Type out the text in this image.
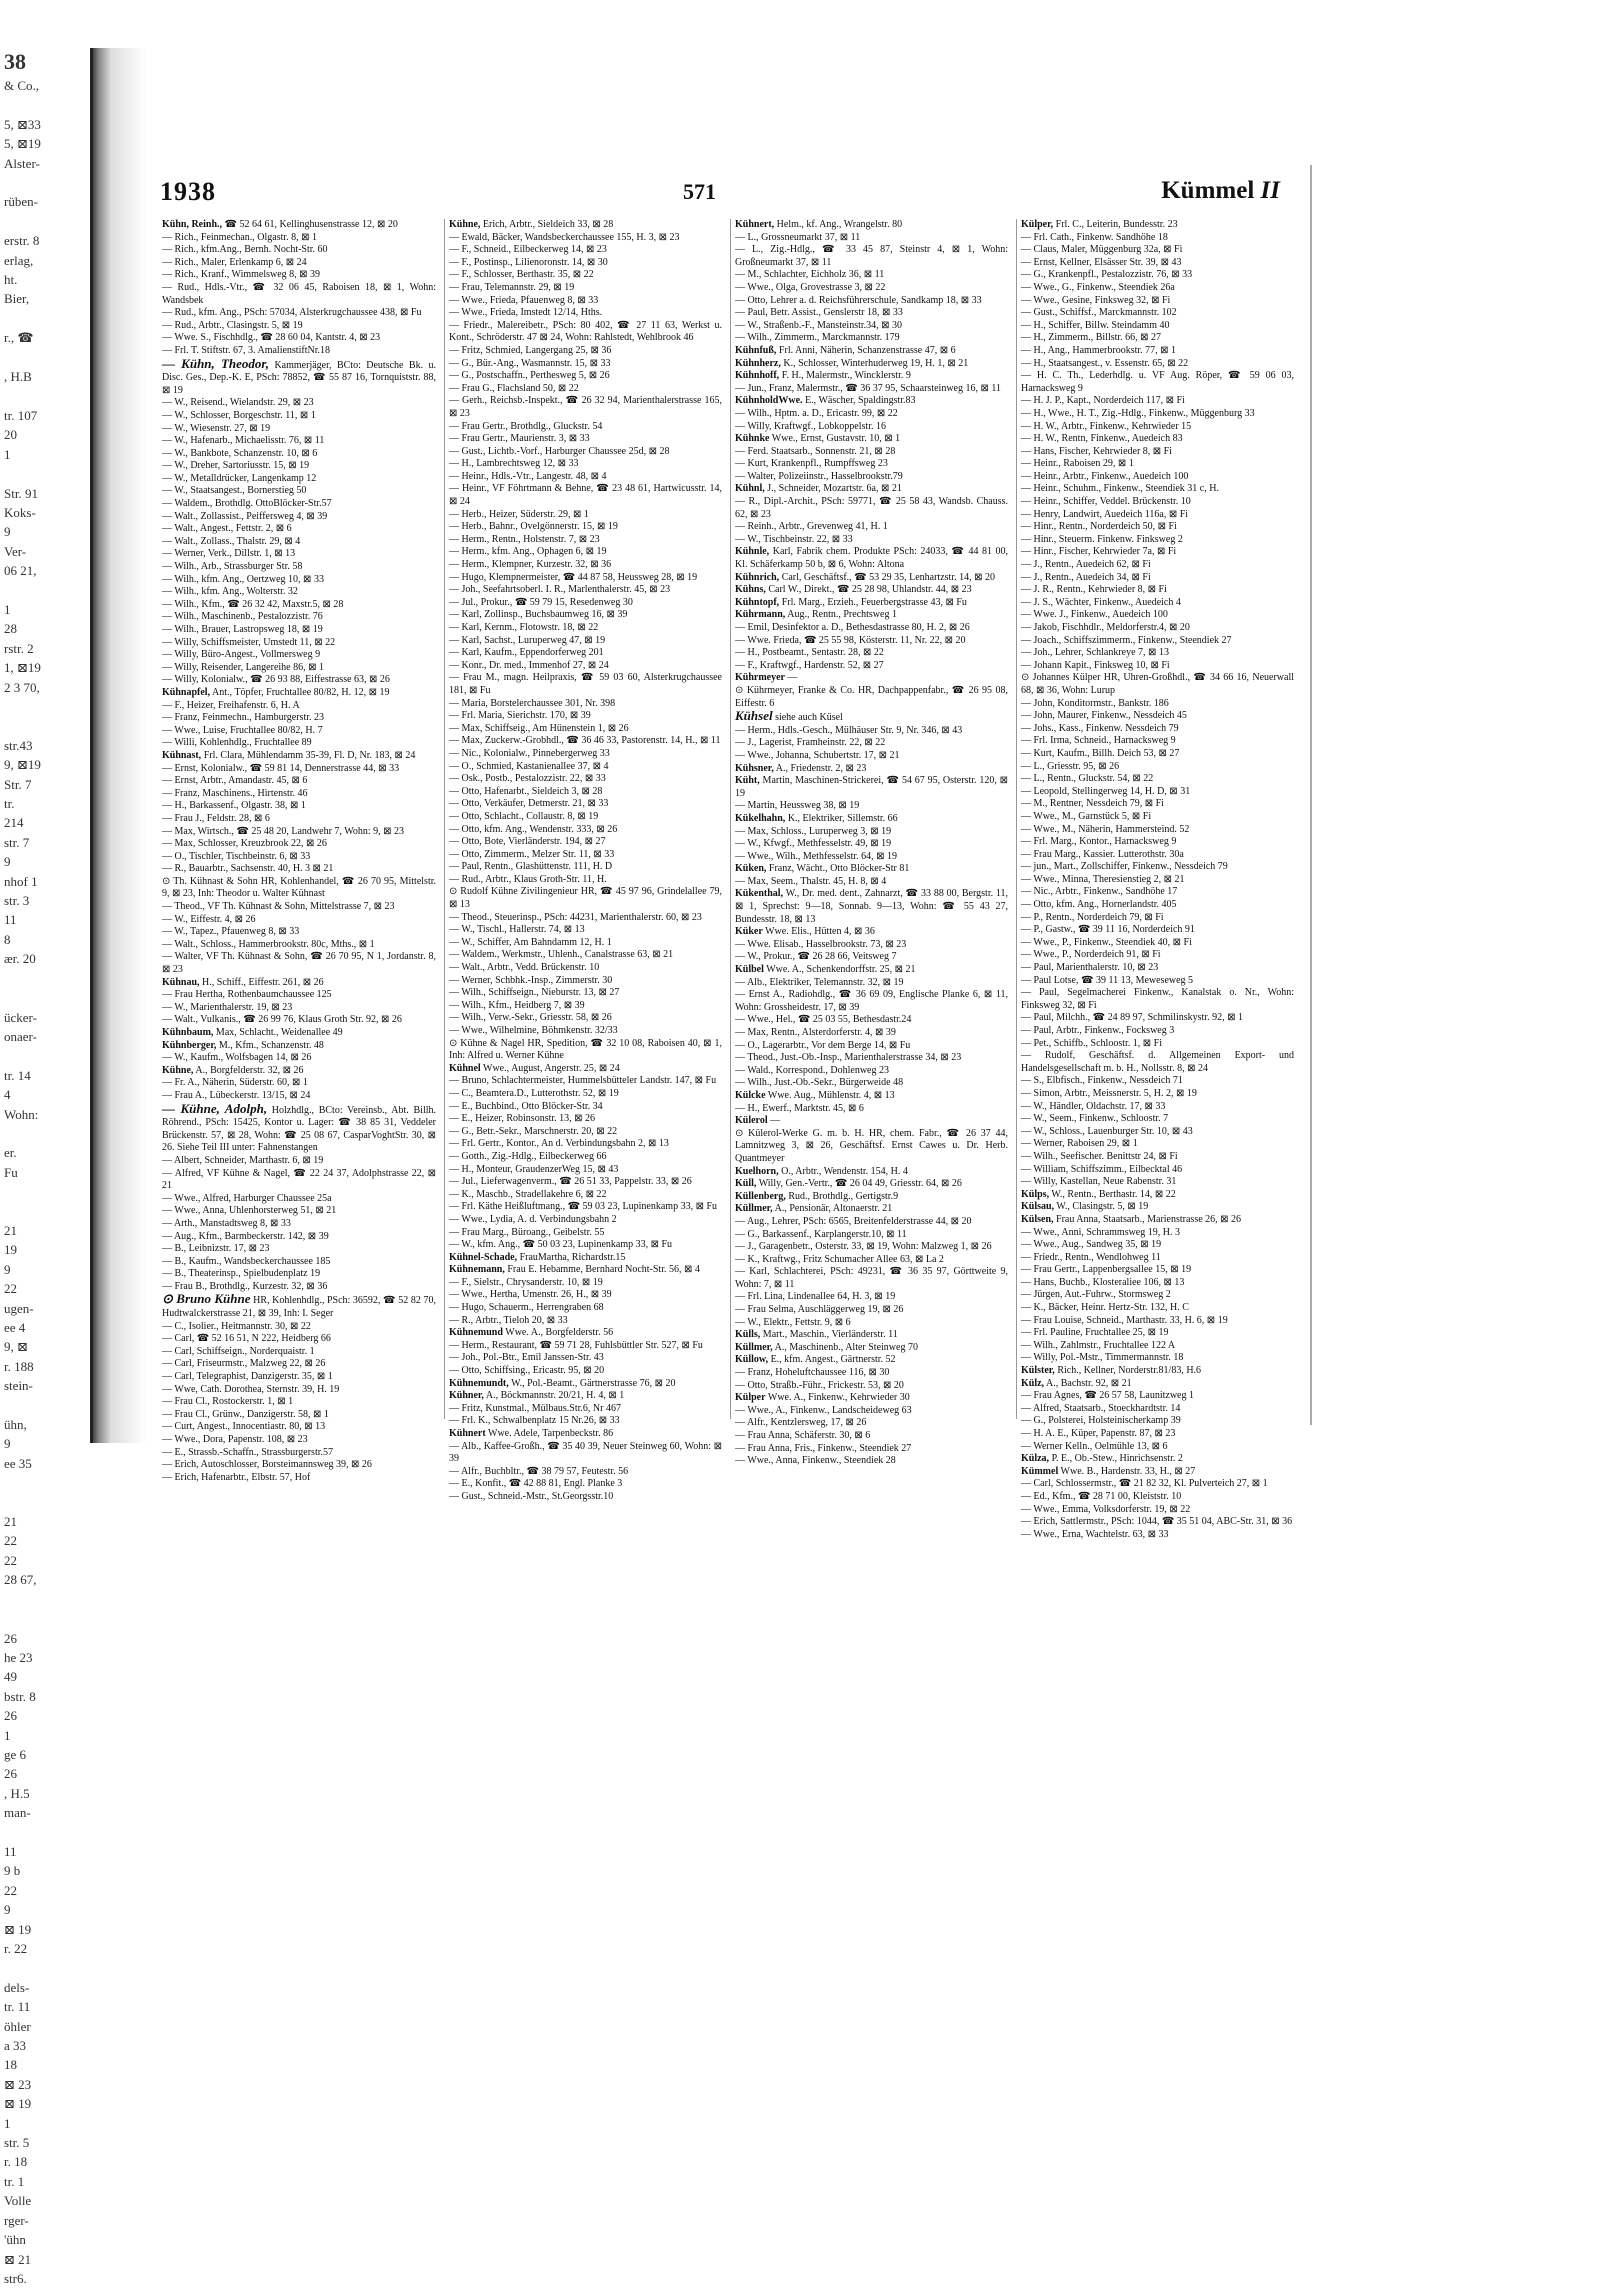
38
& Co.,

5, ⊠33
5, ⊠19
Alster-

rüben-

erstr. 8
erlag,
ht.
Bier,

r., ☎

, H.B

tr. 107
20
1

Str. 91
Koks-
9
Ver-
06 21,

1
28
rstr. 2
1, ⊠19
2 3 70,

str.43
9, ⊠19
Str. 7
tr.
214
str. 7
9
nhof 1
str. 3
11
8
ær. 20

ücker-
onaer-

tr. 14
4
Wohn:

er.
Fu

21
19
9
22
ugen-
ee 4
9, ⊠
r. 188
stein-

ühn,
9
ee 35

21
22
22
28 67,

26
he 23
49
bstr. 8
26
1
ge 6
26
, H.5
man-

11
9 b
22
9
⊠ 19
r. 22

dels-
tr. 11
öhler
a 33
18
⊠ 23
⊠ 19
1
str. 5
r. 18
tr. 1
Volle
rger-
'ühn
⊠ 21
str6.
1938	571	Kümmel II

Kühn, Reinh., ☎ 52 64 61, Kellinghusenstrasse 12, ⊠ 20

— Rich., Feinmechan., Olgastr. 8, ⊠ 1

— Rich., kfm.Ang., Bernh. Nocht-Str. 60

— Rich., Maler, Erlenkamp 6, ⊠ 24

— Rich., Kranf., Wimmelsweg 8, ⊠ 39

— Rud., Hdls.-Vtr., ☎ 32 06 45, Raboisen 18, ⊠ 1, Wohn: Wandsbek

— Rud., kfm. Ang., PSch: 57034, Alsterkrugchaussee 438, ⊠ Fu

— Rud., Arbtr., Clasingstr. 5, ⊠ 19

— Wwe. S., Fischhdlg., ☎ 28 60 04, Kantstr. 4, ⊠ 23

— Frl. T. Stiftstr. 67, 3. AmalienstiftNr.18

— Kühn, Theodor, Kammerjäger, BCto: Deutsche Bk. u. Disc. Ges., Dep.-K. E, PSch: 78852, ☎ 55 87 16, Tornquiststr. 88, ⊠ 19

— W., Reisend., Wielandstr. 29, ⊠ 23

— W., Schlosser, Borgeschstr. 11, ⊠ 1

— W., Wiesenstr. 27, ⊠ 19

— W., Hafenarb., Michaelisstr. 76, ⊠ 11

— W., Bankbote, Schanzenstr. 10, ⊠ 6

— W., Dreher, Sartoriusstr. 15, ⊠ 19

— W., Metalldrücker, Langenkamp 12

— W., Staatsangest., Bornerstieg 50

— Waldem., Brothdlg. OttoBlöcker-Str.57

— Walt., Zollassist., Peiffersweg 4, ⊠ 39

— Walt., Angest., Fettstr. 2, ⊠ 6

— Walt., Zollass., Thalstr. 29, ⊠ 4

— Werner, Verk., Dillstr. 1, ⊠ 13

— Wilh., Arb., Strassburger Str. 58

— Wilh., kfm. Ang., Oertzweg 10, ⊠ 33

— Wilh., kfm. Ang., Wolterstr. 32

— Wilh., Kfm., ☎ 26 32 42, Maxstr.5, ⊠ 28

— Wilh., Maschinenb., Pestalozzistr. 76

— Wilh., Brauer, Lastropsweg 18, ⊠ 19

— Willy, Schiffsmeister, Umstedt 11, ⊠ 22

— Willy, Büro-Angest., Vollmersweg 9

— Willy, Reisender, Langereihe 86, ⊠ 1

— Willy, Kolonialw., ☎ 26 93 88, Eiffestrasse 63, ⊠ 26

Kühnapfel, Ant., Töpfer, Fruchtallee 80/82, H. 12, ⊠ 19

— F., Heizer, Freihafenstr. 6, H. A

— Franz, Feinmechn., Hamburgerstr. 23

— Wwe., Luise, Fruchtallee 80/82, H. 7

— Willi, Kohlenhdlg., Fruchtallee 89

Kühnast, Frl. Clara, Mühlendamm 35-39, Fl. D, Nr. 183, ⊠ 24

— Ernst, Kolonialw., ☎ 59 81 14, Dennerstrasse 44, ⊠ 33

— Ernst, Arbtr., Amandastr. 45, ⊠ 6

— Franz, Maschinens., Hirtenstr. 46

— H., Barkassenf., Olgastr. 38, ⊠ 1

— Frau J., Feldstr. 28, ⊠ 6

— Max, Wirtsch., ☎ 25 48 20, Landwehr 7, Wohn: 9, ⊠ 23

— Max, Schlosser, Kreuzbrook 22, ⊠ 26

— O., Tischler, Tischbeinstr. 6, ⊠ 33

— R., Bauarbtr., Sachsenstr. 40, H. 3 ⊠ 21

⊙ Th. Kühnast & Sohn HR, Kohlenhandel, ☎ 26 70 95, Mittelstr. 9, ⊠ 23, Inh: Theodor u. Walter Kühnast

— Theod., VF Th. Kühnast & Sohn, Mittelstrasse 7, ⊠ 23

— W., Eiffestr. 4, ⊠ 26

— W., Tapez., Pfauenweg 8, ⊠ 33

— Walt., Schloss., Hammerbrookstr. 80c, Mths., ⊠ 1

— Walter, VF Th. Kühnast & Sohn, ☎ 26 70 95, N 1, Jordanstr. 8, ⊠ 23

Kühnau, H., Schiff., Eiffestr. 261, ⊠ 26

— Frau Hertha, Rothenbaumchaussee 125

— W., Marienthalerstr. 19, ⊠ 23

— Walt., Vulkanis., ☎ 26 99 76, Klaus Groth Str. 92, ⊠ 26

Kühnbaum, Max, Schlacht., Weidenallee 49

Kühnberger, M., Kfm., Schanzenstr. 48

— W., Kaufm., Wolfsbagen 14, ⊠ 26

Kühne, A., Borgfelderstr. 32, ⊠ 26

— Fr. A., Näherin, Süderstr. 60, ⊠ 1

— Frau A., Lübeckerstr. 13/15, ⊠ 24

— Kühne, Adolph, Holzhdlg., BCto: Vereinsb., Abt. Billh. Röhrend., PSch: 15425, Kontor u. Lager: ☎ 38 85 31, Veddeler Brückenstr. 57, ⊠ 28, Wohn: ☎ 25 08 67, CasparVoghtStr. 30, ⊠ 26. Siehe Teil III unter: Fahnenstangen

— Albert, Schneider, Marthastr. 6, ⊠ 19

— Alfred, VF Kühne & Nagel, ☎ 22 24 37, Adolphstrasse 22, ⊠ 21

— Wwe., Alfred, Harburger Chaussee 25a

— Wwe., Anna, Uhlenhorsterweg 51, ⊠ 21

— Arth., Manstadtsweg 8, ⊠ 33

— Aug., Kfm., Barmbeckerstr. 142, ⊠ 39

— B., Leibnizstr. 17, ⊠ 23

— B., Kaufm., Wandsbeckerchaussee 185

— B., Theaterinsp., Spielbudenplatz 19

— Frau B., Brothdlg., Kurzestr. 32, ⊠ 36

⊙ Bruno Kühne HR, Kohlenhdlg., PSch: 36592, ☎ 52 82 70, Hudtwalckerstrasse 21, ⊠ 39, Inh: I. Seger

— C., Isolier., Heitmannstr. 30, ⊠ 22

— Carl, ☎ 52 16 51, N 222, Heidberg 66

— Carl, Schiffseign., Norderquaistr. 1

— Carl, Friseurmstr., Malzweg 22, ⊠ 26

— Carl, Telegraphist, Danzigerstr. 35, ⊠ 1

— Wwe, Cath. Dorothea, Sternstr. 39, H. 19

— Frau Cl., Rostockerstr. 1, ⊠ 1

— Frau Cl., Grünw., Danzigerstr. 58, ⊠ 1

— Curt, Angest., Innocentiastr. 80, ⊠ 13

— Wwe., Dora, Papenstr. 108, ⊠ 23

— E., Strassb.-Schaffn., Strassburgerstr.57

— Erich, Autoschlosser, Borsteimannsweg 39, ⊠ 26

— Erich, Hafenarbtr., Elbstr. 57, Hof

Kühne, Erich, Arbtr., Sieldeich 33, ⊠ 28

— Ewald, Bäcker, Wandsbeckerchaussee 155, H. 3, ⊠ 23

— F., Schneid., Eilbeckerweg 14, ⊠ 23

— F., Postinsp., Lilienoronstr. 14, ⊠ 30

— F., Schlosser, Berthastr. 35, ⊠ 22

— Frau, Telemannstr. 29, ⊠ 19

— Wwe., Frieda, Pfauenweg 8, ⊠ 33

— Wwe., Frieda, Imstedt 12/14, Hths.

— Friedr., Malereibetr., PSch: 80 402, ☎ 27 11 63, Werkst u. Kont., Schröderstr. 47 ⊠ 24, Wohn: Rahlstedt, Wehlbrook 46

— Fritz, Schmied, Langergang 25, ⊠ 36

— G., Bür.-Ang., Wasmannstr. 15, ⊠ 33

— G., Postschaffn., Perthesweg 5, ⊠ 26

— Frau G., Flachsland 50, ⊠ 22

— Gerh., Reichsb.-Inspekt., ☎ 26 32 94, Marienthalerstrasse 165, ⊠ 23

— Frau Gertr., Brothdlg., Gluckstr. 54

— Frau Gertr., Maurienstr. 3, ⊠ 33

— Gust., Lichtb.-Vorf., Harburger Chaussee 25d, ⊠ 28

— H., Lambrechtsweg 12, ⊠ 33

— Heinr., Hdls.-Vtr., Langestr. 48, ⊠ 4

— Heinr., VF Föhrtmann & Behne, ☎ 23 48 61, Hartwicusstr. 14, ⊠ 24

— Herb., Heizer, Süderstr. 29, ⊠ 1

— Herb., Bahnr., Ovelgönnerstr. 15, ⊠ 19

— Herm., Rentn., Holstenstr. 7, ⊠ 23

— Herm., kfm. Ang., Ophagen 6, ⊠ 19

— Herm., Klempner, Kurzestr. 32, ⊠ 36

— Hugo, Klempnermeister, ☎ 44 87 58, Heussweg 28, ⊠ 19

— Joh., Seefahrtsoberl. I. R., Marlenthalerstr. 45, ⊠ 23

— Jul., Prokur., ☎ 59 79 15, Resedenweg 30

— Karl, Zollinsp., Buchsbaumweg 16, ⊠ 39

— Karl, Kernm., Flotowstr. 18, ⊠ 22

— Karl, Sachst., Luruperweg 47, ⊠ 19

— Karl, Kaufm., Eppendorferweg 201

— Konr., Dr. med., Immenhof 27, ⊠ 24

— Frau M., magn. Heilpraxis, ☎ 59 03 60, Alsterkrugchaussee 181, ⊠ Fu

— Maria, Borstelerchaussee 301, Nr. 398

— Frl. Maria, Sierichstr. 170, ⊠ 39

— Max, Schiffseig., Am Hünenstein 1, ⊠ 26

— Max, Zuckerw.-Grobhdl., ☎ 36 46 33, Pastorenstr. 14, H., ⊠ 11

— Nic., Kolonialw., Pinnebergerweg 33

— O., Schmied, Kastanienallee 37, ⊠ 4

— Osk., Postb., Pestalozzistr. 22, ⊠ 33

— Otto, Hafenarbt., Sieldeich 3, ⊠ 28

— Otto, Verkäufer, Detmerstr. 21, ⊠ 33

— Otto, Schlacht., Collaustr. 8, ⊠ 19

— Otto, kfm. Ang., Wendenstr. 333, ⊠ 26

— Otto, Bote, Vierländerstr. 194, ⊠ 27

— Otto, Zimmerm., Melzer Str. 11, ⊠ 33

— Paul, Rentn., Glashüttenstr. 111, H. D

— Rud., Arbtr., Klaus Groth-Str. 11, H.

⊙ Rudolf Kühne Zivilingenieur HR, ☎ 45 97 96, Grindelallee 79, ⊠ 13

— Theod., Steuerinsp., PSch: 44231, Marienthalerstr. 60, ⊠ 23

— W., Tischl., Hallerstr. 74, ⊠ 13

— W., Schiffer, Am Bahndamm 12, H. 1

— Waldem., Werkmstr., Uhlenh., Canalstrasse 63, ⊠ 21

— Walt., Arbtr., Vedd. Brückenstr. 10

— Werner, Schbhk.-Insp., Zimmerstr. 30

— Wilh., Schiffseign., Nieburstr. 13, ⊠ 27

— Wilh., Kfm., Heidberg 7, ⊠ 39

— Wilh., Verw.-Sekr., Griesstr. 58, ⊠ 26

— Wwe., Wilhelmine, Böhmkenstr. 32/33

⊙ Kühne & Nagel HR, Spedition, ☎ 32 10 08, Raboisen 40, ⊠ 1, Inh: Alfred u. Werner Kühne

Kühnel Wwe., August, Angerstr. 25, ⊠ 24

— Bruno, Schlachtermeister, Hummelsbütteler Landstr. 147, ⊠ Fu

— C., Beamtera.D., Lutterothstr. 52, ⊠ 19

— E., Buchbind., Otto Blöcker-Str. 34

— E., Heizer, Robinsonstr. 13, ⊠ 26

— G., Betr.-Sekr., Marschnerstr. 20, ⊠ 22

— Frl. Gertr., Kontor., An d. Verbindungsbahn 2, ⊠ 13

— Gotth., Zig.-Hdlg., Eilbeckerweg 66

— H., Monteur, GraudenzerWeg 15, ⊠ 43

— Jul., Lieferwagenverm., ☎ 26 51 33, Pappelstr. 33, ⊠ 26

— K., Maschb., Stradellakehre 6, ⊠ 22

— Frl. Käthe Heißluftmang., ☎ 59 03 23, Lupinenkamp 33, ⊠ Fu

— Wwe., Lydia, A. d. Verbindungsbahn 2

— Frau Marg., Büroang., Geibelstr. 55

— W., kfm. Ang., ☎ 50 03 23, Lupinenkamp 33, ⊠ Fu

Kühnel-Schade, FrauMartha, Richardstr.15

Kühnemann, Frau E. Hebamme, Bernhard Nocht-Str. 56, ⊠ 4

— F., Sielstr., Chrysanderstr. 10, ⊠ 19

— Wwe., Hertha, Umenstr. 26, H., ⊠ 39

— Hugo, Schauerm., Herrengraben 68

— R., Arbtr., Tieloh 20, ⊠ 33

Kühnemund Wwe. A., Borgfelderstr. 56

— Herm., Restaurant, ☎ 59 71 28, Fuhlsbüttler Str. 527, ⊠ Fu

— Joh., Pol.-Btr., Emil Janssen-Str. 43

— Otto, Schiffsing., Ericastr. 95, ⊠ 20

Kühnemundt, W., Pol.-Beamt., Gärtnerstrasse 76, ⊠ 20

Kühner, A., Böckmannstr. 20/21, H. 4, ⊠ 1

— Fritz, Kunstmal., Mülbaus.Str.6, Nr 467

— Frl. K., Schwalbenplatz 15 Nr.26, ⊠ 33

Kühnert Wwe. Adele, Tarpenbeckstr. 86

— Alb., Kaffee-Großh., ☎ 35 40 39, Neuer Steinweg 60, Wohn: ⊠ 39

— Alfr., Buchbltr., ☎ 38 79 57, Feutestr. 56

— E., Konfit., ☎ 42 88 81, Engl. Planke 3

— Gust., Schneid.-Mstr., St.Georgsstr.10

Kühnert, Helm., kf. Ang., Wrangelstr. 80

— L., Grossneumarkt 37, ⊠ 11

— L., Zig.-Hdlg., ☎ 33 45 87, Steinstr 4, ⊠ 1, Wohn: Großneumarkt 37, ⊠ 11

— M., Schlachter, Eichholz 36, ⊠ 11

— Wwe., Olga, Grovestrasse 3, ⊠ 22

— Otto, Lehrer a. d. Reichsführerschule, Sandkamp 18, ⊠ 33

— Paul, Betr. Assist., Genslerstr 18, ⊠ 33

— W., Straßenb.-F., Mansteinstr.34, ⊠ 30

— Wilh., Zimmerm., Marckmannstr. 179

Kühnfuß, Frl. Anni, Näherin, Schanzenstrasse 47, ⊠ 6

Kühnherz, K., Schlosser, Winterhuderweg 19, H. 1, ⊠ 21

Kühnhoff, F. H., Malermstr., Wincklerstr. 9

— Jun., Franz, Malermstr., ☎ 36 37 95, Schaarsteinweg 16, ⊠ 11

KühnholdWwe. E., Wäscher, Spaldingstr.83

— Wilh., Hptm. a. D., Ericastr. 99, ⊠ 22

— Willy, Kraftwgf., Lobkoppelstr. 16

Kühnke Wwe., Ernst, Gustavstr. 10, ⊠ 1

— Ferd. Staatsarb., Sonnenstr. 21, ⊠ 28

— Kurt, Krankenpfl., Rumpffsweg 23

— Walter, Polizeiinstr., Hasselbrookstr.79

Kühnl, J., Schneider, Mozartstr. 6a, ⊠ 21

— R., Dipl.-Archit., PSch: 59771, ☎ 25 58 43, Wandsb. Chauss. 62, ⊠ 23

— Reinh., Arbtr., Grevenweg 41, H. 1

— W., Tischbeinstr. 22, ⊠ 33

Kühnle, Karl, Fabrik chem. Produkte PSch: 24033, ☎ 44 81 00, Kl. Schäferkamp 50 b, ⊠ 6, Wohn: Altona

Kühnrich, Carl, Geschäftsf., ☎ 53 29 35, Lenhartzstr. 14, ⊠ 20

Kühns, Carl W., Direkt., ☎ 25 28 98, Uhlandstr. 44, ⊠ 23

Kühntopf, Frl. Marg., Erzieh., Feuerbergstrasse 43, ⊠ Fu

Kührmann, Aug., Rentn., Prechtsweg 1

— Emil, Desinfektor a. D., Bethesdastrasse 80, H. 2, ⊠ 26

— Wwe. Frieda, ☎ 25 55 98, Kösterstr. 11, Nr. 22, ⊠ 20

— H., Postbeamt., Sentastr. 28, ⊠ 22

— F., Kraftwgf., Hardenstr. 52, ⊠ 27

Kührmeyer —

⊙ Kührmeyer, Franke & Co. HR, Dachpappenfabr., ☎ 26 95 08, Eiffestr. 6

Kühsel siehe auch Küsel

— Herm., Hdls.-Gesch., Mülhäuser Str. 9, Nr. 346, ⊠ 43

— J., Lagerist, Framheinstr. 22, ⊠ 22

— Wwe., Johanna, Schubertstr. 17, ⊠ 21

Kühsner, A., Friedenstr. 2, ⊠ 23

Küht, Martin, Maschinen-Strickerei, ☎ 54 67 95, Osterstr. 120, ⊠ 19

— Martin, Heussweg 38, ⊠ 19

Kükelhahn, K., Elektriker, Sillemstr. 66

— Max, Schloss., Luruperweg 3, ⊠ 19

— W., Kfwgf., Methfesselstr. 49, ⊠ 19

— Wwe., Wilh., Methfesselstr. 64, ⊠ 19

Küken, Franz, Wächt., Otto Blöcker-Str 81

— Max, Seem., Thalstr. 45, H. 8, ⊠ 4

Kükenthal, W., Dr. med. dent., Zahnarzt, ☎ 33 88 00, Bergstr. 11, ⊠ 1, Sprechst: 9—18, Sonnab. 9—13, Wohn: ☎ 55 43 27, Bundesstr. 18, ⊠ 13

Küker Wwe. Elis., Hütten 4, ⊠ 36

— Wwe. Elisab., Hasselbrookstr. 73, ⊠ 23

— W., Prokur., ☎ 26 28 66, Veitsweg 7

Külbel Wwe. A., Schenkendorffstr. 25, ⊠ 21

— Alb., Elektriker, Telemannstr. 32, ⊠ 19

— Ernst A., Radiohdlg., ☎ 36 69 09, Englische Planke 6, ⊠ 11, Wohn: Grossheidestr. 17, ⊠ 39

— Wwe., Hel., ☎ 25 03 55, Bethesdastr.24

— Max, Rentn., Alsterdorferstr. 4, ⊠ 39

— O., Lagerarbtr., Vor dem Berge 14, ⊠ Fu

— Theod., Just.-Ob.-Insp., Marienthalerstrasse 34, ⊠ 23

— Wald., Korrespond., Dohlenweg 23

— Wilh., Just.-Ob.-Sekr., Bürgerweide 48

Külcke Wwe. Aug., Mühlenstr. 4, ⊠ 13

— H., Ewerf., Marktstr. 45, ⊠ 6

Külerol —

⊙ Külerol-Werke G. m. b. H. HR, chem. Fabr., ☎ 26 37 44, Lamnitzweg 3, ⊠ 26, Geschäftsf. Ernst Cawes u. Dr. Herb. Quantmeyer

Kuelhorn, O., Arbtr., Wendenstr. 154, H. 4

Küll, Willy, Gen.-Vertr., ☎ 26 04 49, Griesstr. 64, ⊠ 26

Küllenberg, Rud., Brothdlg., Gertigstr.9

Küllmer, A., Pensionär, Altonaerstr. 21

— Aug., Lehrer, PSch: 6565, Breitenfelderstrasse 44, ⊠ 20

— G., Barkassenf., Karplangerstr.10, ⊠ 11

— J., Garagenbetr., Osterstr. 33, ⊠ 19, Wohn: Malzweg 1, ⊠ 26

— K., Kraftwg., Fritz Schumacher Allee 63, ⊠ La 2

— Karl, Schlachterei, PSch: 49231, ☎ 36 35 97, Görttweite 9, Wohn: 7, ⊠ 11

— Frl. Lina, Lindenallee 64, H. 3, ⊠ 19

— Frau Selma, Auschläggerweg 19, ⊠ 26

— W., Elektr., Fettstr. 9, ⊠ 6

Külls, Mart., Maschin., Vierländerstr. 11

Küllmer, A., Maschinenb., Alter Steinweg 70

Küllow, E., kfm. Angest., Gärtnerstr. 52

— Franz, Hoheluftchaussee 116, ⊠ 30

— Otto, Straßb.-Führ., Frickestr. 53, ⊠ 20

Külper Wwe. A., Finkenw., Kehrwieder 30

— Wwe., A., Finkenw., Landscheideweg 63

— Alfr., Kentzlersweg, 17, ⊠ 26

— Frau Anna, Schäferstr. 30, ⊠ 6

— Frau Anna, Fris., Finkenw., Steendiek 27

— Wwe., Anna, Finkenw., Steendiek 28

Külper, Frl. C., Leiterin, Bundesstr. 23

— Frl. Cath., Finkenw. Sandhöhe 18

— Claus, Maler, Müggenburg 32a, ⊠ Fi

— Ernst, Kellner, Elsässer Str. 39, ⊠ 43

— G., Krankenpfl., Pestalozzistr. 76, ⊠ 33

— Wwe., G., Finkenw., Steendiek 26a

— Wwe., Gesine, Finksweg 32, ⊠ Fi

— Gust., Schiffsf., Marckmannstr. 102

— H., Schiffer, Billw. Steindamm 40

— H., Zimmerm., Billstr. 66, ⊠ 27

— H., Ang., Hammerbrookstr. 77, ⊠ 1

— H., Staatsangest., v. Essenstr. 65, ⊠ 22

— H. C. Th., Lederhdlg. u. VF Aug. Röper, ☎ 59 06 03, Harnacksweg 9

— H. J. P., Kapt., Norderdeich 117, ⊠ Fi

— H., Wwe., H. T., Zig.-Hdlg., Finkenw., Müggenburg 33

— H. W., Arbtr., Finkenw., Kehrwieder 15

— H. W., Rentn, Finkenw., Auedeich 83

— Hans, Fischer, Kehrwieder 8, ⊠ Fi

— Heinr., Raboisen 29, ⊠ 1

— Heinr., Arbtr., Finkenw., Auedeich 100

— Heinr., Schuhm., Finkenw., Steendiek 31 c, H.

— Heinr., Schiffer, Veddel. Brückenstr. 10

— Henry, Landwirt, Auedeich 116a, ⊠ Fi

— Hinr., Rentn., Norderdeich 50, ⊠ Fi

— Hinr., Steuerm. Finkenw. Finksweg 2

— Hinr., Fischer, Kehrwieder 7a, ⊠ Fi

— J., Rentn., Auedeich 62, ⊠ Fi

— J., Rentn., Auedeich 34, ⊠ Fi

— J. R., Rentn., Kehrwieder 8, ⊠ Fi

— J. S., Wächter, Finkenw., Auedeich 4

— Wwe. J., Finkenw., Auedeich 100

— Jakob, Fischhdlr., Meldorferstr.4, ⊠ 20

— Joach., Schiffszimmerm., Finkenw., Steendiek 27

— Joh., Lehrer, Schlankreye 7, ⊠ 13

— Johann Kapit., Finksweg 10, ⊠ Fi

⊙ Johannes Külper HR, Uhren-Großhdl., ☎ 34 66 16, Neuerwall 68, ⊠ 36, Wohn: Lurup

— John, Konditormstr., Bankstr. 186

— John, Maurer, Finkenw., Nessdeich 45

— Johs., Kass., Finkenw. Nessdeich 79

— Frl. Irma, Schneid., Harnacksweg 9

— Kurt, Kaufm., Billh. Deich 53, ⊠ 27

— L., Griesstr. 95, ⊠ 26

— L., Rentn., Gluckstr. 54, ⊠ 22

— Leopold, Stellingerweg 14, H. D, ⊠ 31

— M., Rentner, Nessdeich 79, ⊠ Fi

— Wwe., M., Garnstück 5, ⊠ Fi

— Wwe., M., Näherin, Hammersteind. 52

— Frl. Marg., Kontor., Harnacksweg 9

— Frau Marg., Kassier. Lutterothstr. 30a

— jun., Mart., Zollschiffer, Finkenw., Nessdeich 79

— Wwe., Minna, Theresienstieg 2, ⊠ 21

— Nic., Arbtr., Finkenw., Sandhöhe 17

— Otto, kfm. Ang., Hornerlandstr. 405

— P., Rentn., Norderdeich 79, ⊠ Fi

— P., Gastw., ☎ 39 11 16, Norderdeich 91

— Wwe., P., Finkenw., Steendiek 40, ⊠ Fi

— Wwe., P., Norderdeich 91, ⊠ Fi

— Paul, Marienthalerstr. 10, ⊠ 23

— Paul Lotse, ☎ 39 11 13, Meweseweg 5

— Paul, Segelmacherei Finkenw., Kanalstak o. Nr., Wohn: Finksweg 32, ⊠ Fi

— Paul, Milchh., ☎ 24 89 97, Schmilinskystr. 92, ⊠ 1

— Paul, Arbtr., Finkenw., Focksweg 3

— Pet., Schiffb., Schloostr. 1, ⊠ Fi

— Rudolf, Geschäftsf. d. Allgemeinen Export- und Handelsgesellschaft m. b. H., Nollsstr. 8, ⊠ 24

— S., Elbfisch., Finkenw., Nessdeich 71

— Simon, Arbtr., Meissnerstr. 5, H. 2, ⊠ 19

— W., Händler, Oldachstr. 17, ⊠ 33

— W., Seem., Finkenw., Schloostr. 7

— W., Schloss., Lauenburger Str. 10, ⊠ 43

— Werner, Raboisen 29, ⊠ 1

— Wilh., Seefischer. Benittstr 24, ⊠ Fi

— William, Schiffszimm., Eilbecktal 46

— Willy, Kastellan, Neue Rabenstr. 31

Külps, W., Rentn., Berthastr. 14, ⊠ 22

Külsau, W., Clasingstr. 5, ⊠ 19

Külsen, Frau Anna, Staatsarb., Marienstrasse 26, ⊠ 26

— Wwe., Anni, Schrammsweg 19, H. 3

— Wwe., Aug., Sandweg 35, ⊠ 19

— Friedr., Rentn., Wendlohweg 11

— Frau Gertr., Lappenbergsallee 15, ⊠ 19

— Hans, Buchb., Klosteraliee 106, ⊠ 13

— Jürgen, Aut.-Fuhrw., Stormsweg 2

— K., Bäcker, Heinr. Hertz-Str. 132, H. C

— Frau Louise, Schneid., Marthastr. 33, H. 6, ⊠ 19

— Frl. Pauline, Fruchtallee 25, ⊠ 19

— Wilh., Zahlmstr., Fruchtallee 122 A

— Willy, Pol.-Mstr., Timmermannstr. 18

Külster, Rich., Kellner, Norderstr.81/83, H.6

Külz, A., Bachstr. 92, ⊠ 21

— Frau Agnes, ☎ 26 57 58, Launitzweg 1

— Alfred, Staatsarb., Stoeckhardtstr. 14

— G., Polsterei, Holsteinischerkamp 39

— H. A. E., Küper, Papenstr. 87, ⊠ 23

— Werner Kelln., Oelmühle 13, ⊠ 6

Külza, P. E., Ob.-Stew., Hinrichsenstr. 2

Kümmel Wwe. B., Hardenstr. 33, H., ⊠ 27

— Carl, Schlossermstr., ☎ 21 82 32, Kl. Pulverteich 27, ⊠ 1

— Ed., Kfm., ☎ 28 71 00, Kleiststr. 10

— Wwe., Emma, Volksdorferstr. 19, ⊠ 22

— Erich, Sattlermstr., PSch: 1044, ☎ 35 51 04, ABC-Str. 31, ⊠ 36

— Wwe., Erna, Wachtelstr. 63, ⊠ 33
